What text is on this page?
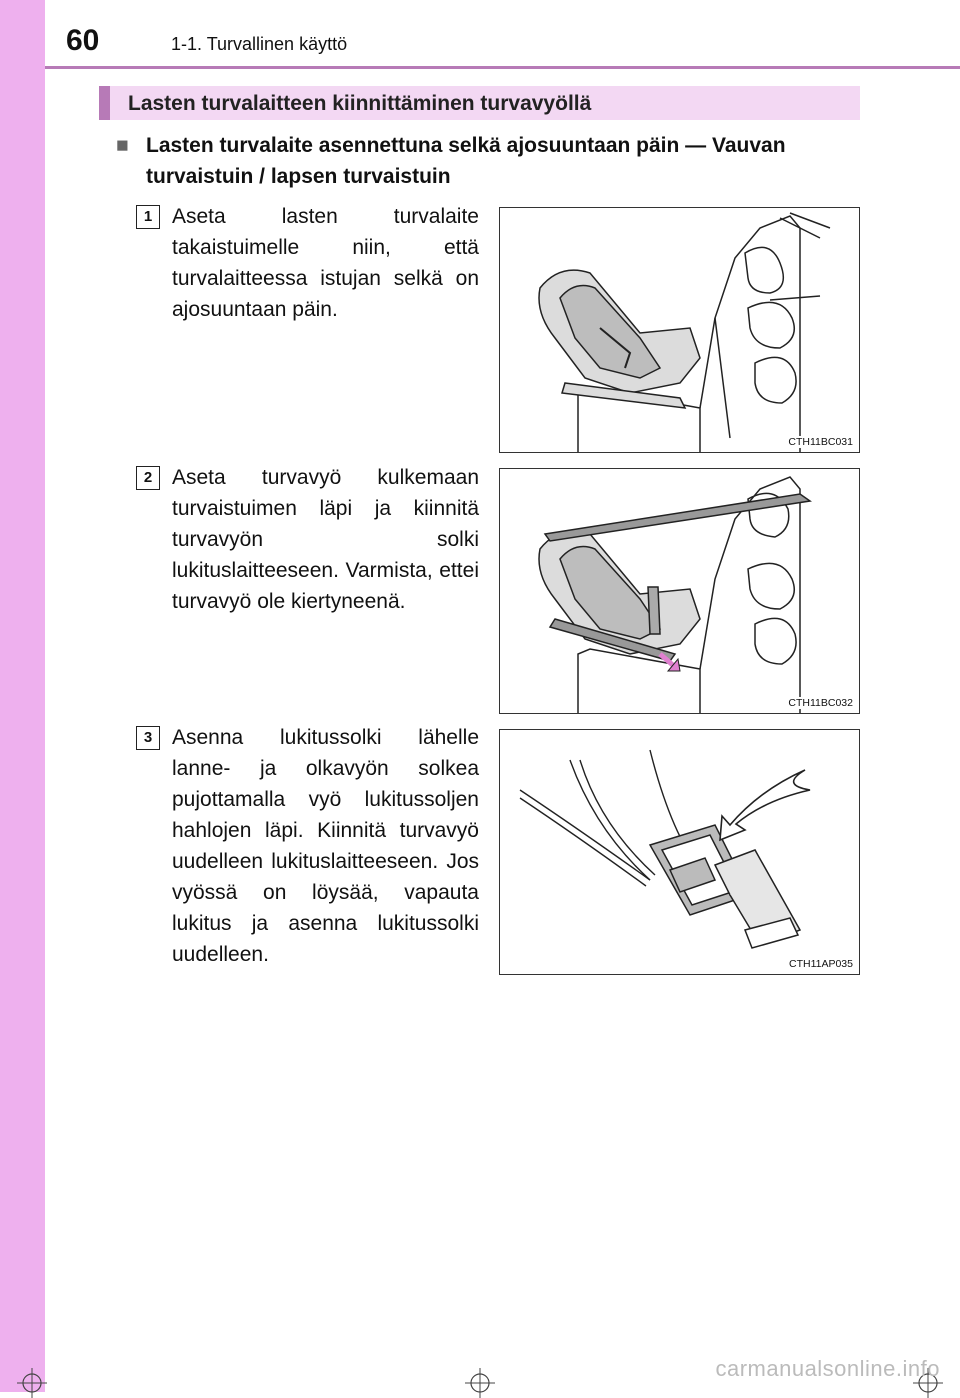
60	1-1. Turvallinen käyttö
Lasten turvalaitteen kiinnittäminen turvavyöllä
■ Lasten turvalaite asennettuna selkä ajosuuntaan päin — Vauvan turvaistuin / lapsen turvaistuin
1 Aseta lasten turvalaite takaistuimelle niin, että turvalaitteessa istujan selkä on ajosuuntaan päin.
CTH11BC031
2 Aseta turvavyö kulkemaan turvaistuimen läpi ja kiinnitä turvavyön solki lukituslaitteeseen. Varmista, ettei turvavyö ole kiertyneenä.
CTH11BC032
3 Asenna lukitussolki lähelle lanne- ja olkavyön solkea pujottamalla vyö lukitussoljen hahlojen läpi. Kiinnitä turvavyö uudelleen lukituslaitteeseen. Jos vyössä on löysää, vapauta lukitus ja asenna lukitussolki uudelleen.	CTH11AP035
carmanualsonline.info
